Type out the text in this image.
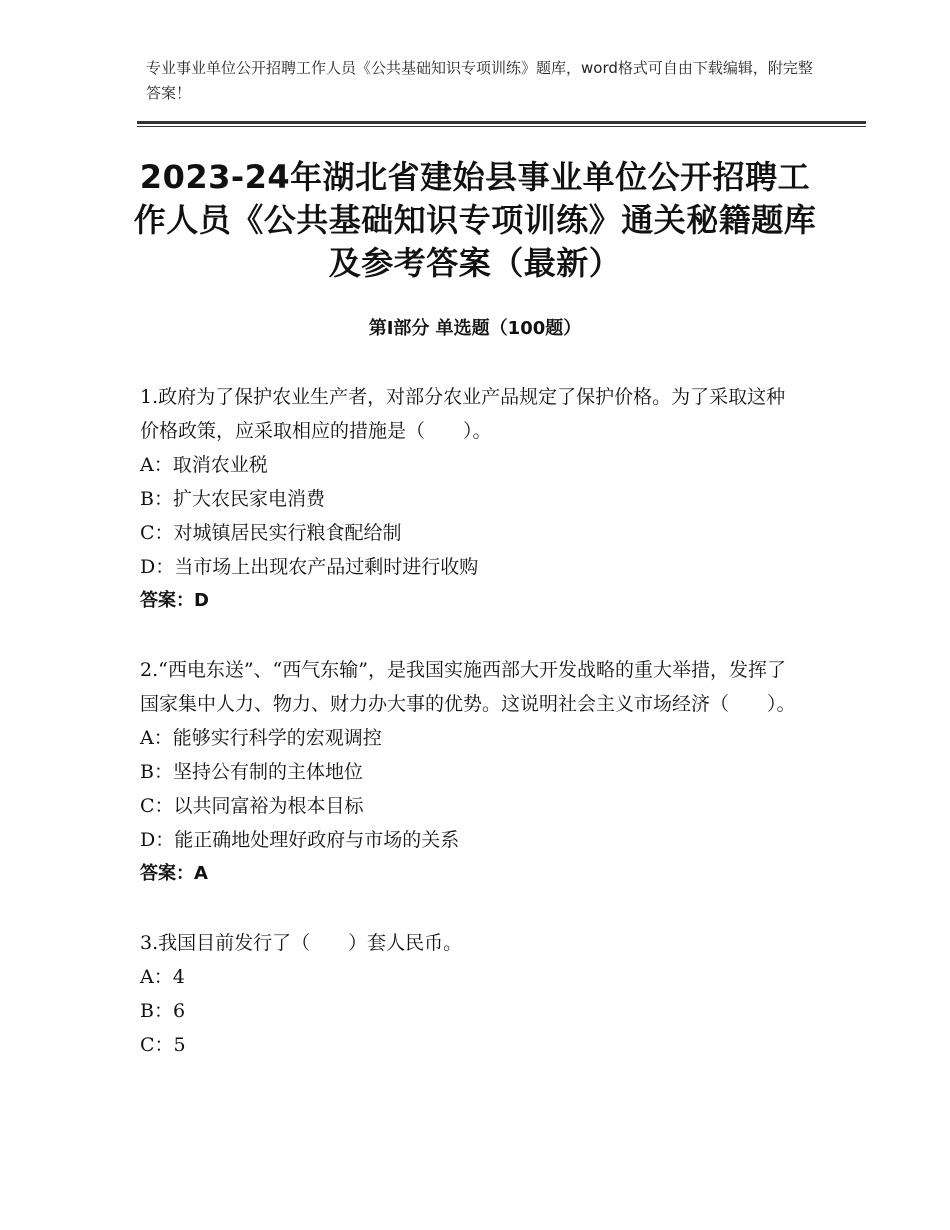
专业事业单位公开招聘工作人员《公共基础知识专项训练》题库，word格式可自由下载编辑，附完整答案！
2023-24年湖北省建始县事业单位公开招聘工作人员《公共基础知识专项训练》通关秘籍题库及参考答案（最新）
第Ⅰ部分 单选题（100题）

1.政府为了保护农业生产者，对部分农业产品规定了保护价格。为了采取这种价格政策，应采取相应的措施是（　　）。

A：取消农业税

B：扩大农民家电消费

C：对城镇居民实行粮食配给制

D：当市场上出现农产品过剩时进行收购

答案：D

2.“西电东送”、“西气东输”，是我国实施西部大开发战略的重大举措，发挥了国家集中人力、物力、财力办大事的优势。这说明社会主义市场经济（　　）。

A：能够实行科学的宏观调控

B：坚持公有制的主体地位

C：以共同富裕为根本目标

D：能正确地处理好政府与市场的关系

答案：A

3.我国目前发行了（　　）套人民币。

A：4

B：6

C：5
